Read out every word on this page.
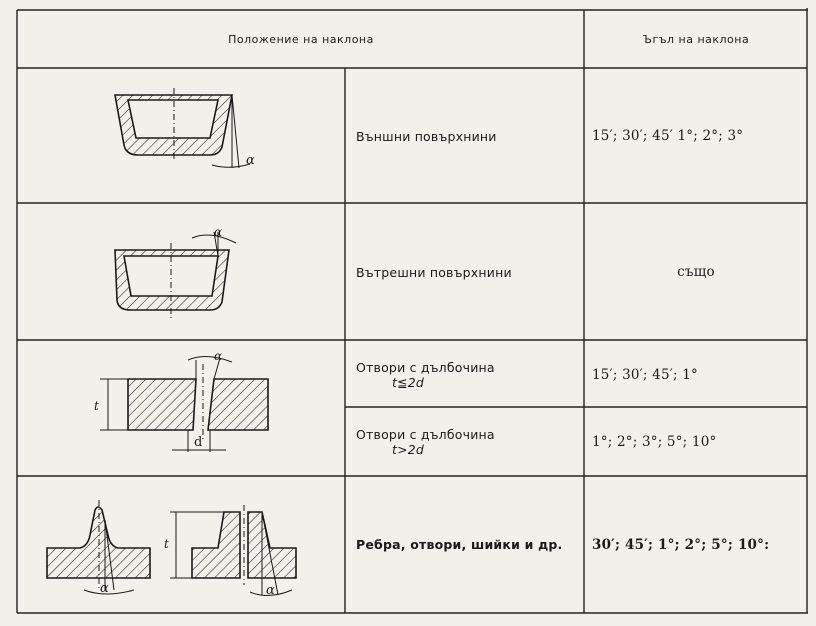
Положение на наклона	Ъгъл на наклона
Външни повърхнини	15′; 30′; 45′ 1°; 2°; 3°
Вътрешни повърхнини	също
Отвори с дълбочина
t≦2d	15′; 30′; 45′; 1°
Отвори с дълбочина
t>2d	1°; 2°; 3°; 5°; 10°
Ребра, отвори, шийки и др.	30′; 45′; 1°; 2°; 5°; 10°:
α
α
t
α
d
α
t
α
